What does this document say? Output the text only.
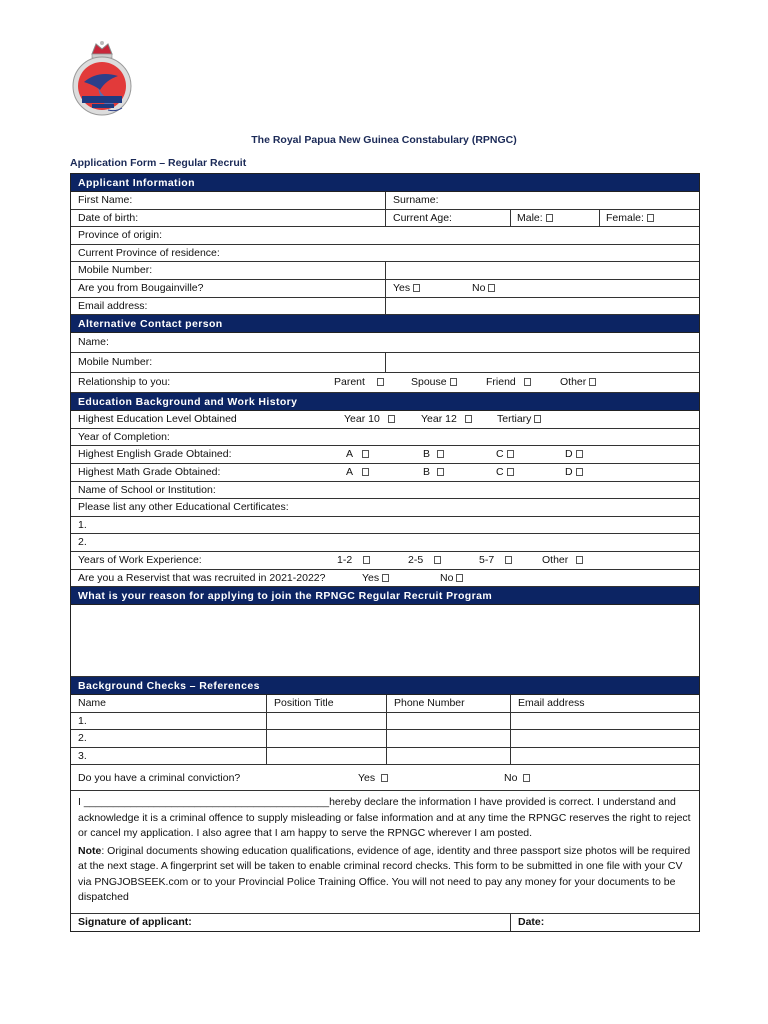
The Royal Papua New Guinea Constabulary (RPNGC)
Application Form – Regular Recruit
Applicant Information
First Name:	Surname:
Date of birth:	Current Age:	Male:	Female:
Province of origin:
Current Province of residence:
Mobile Number:
Are you from Bougainville?	Yes	No
Email address:
Alternative Contact person
Name:
Mobile Number:
Relationship to you:	Parent	Spouse	Friend	Other
Education Background and Work History
Highest Education Level Obtained	Year 10	Year 12	Tertiary
Year of Completion:
Highest English Grade Obtained:	A	B	C	D
Highest Math Grade Obtained:	A	B	C	D
Name of School or Institution:
Please list any other Educational Certificates:
1.
2.
Years of Work Experience:	1-2	2-5	5-7	Other
Are you a Reservist that was recruited in 2021-2022?	Yes	No
What is your reason for applying to join the RPNGC Regular Recruit Program
Background Checks – References
Name	Position Title	Phone Number	Email address
1.
2.
3.
Do you have a criminal conviction?	Yes	No

I __________________________________________hereby declare the information I have provided is correct. I understand and acknowledge it is a criminal offence to supply misleading or false information and at any time the RPNGC reserves the right to reject or cancel my application. I also agree that I am happy to serve the RPNGC wherever I am posted.

Note: Original documents showing education qualifications, evidence of age, identity and three passport size photos will be required at the next stage. A fingerprint set will be taken to enable criminal record checks. This form to be submitted in one file with your CV via PNGJOBSEEK.com or to your Provincial Police Training Office. You will not need to pay any money for your documents to be dispatched

Signature of applicant:	Date:
